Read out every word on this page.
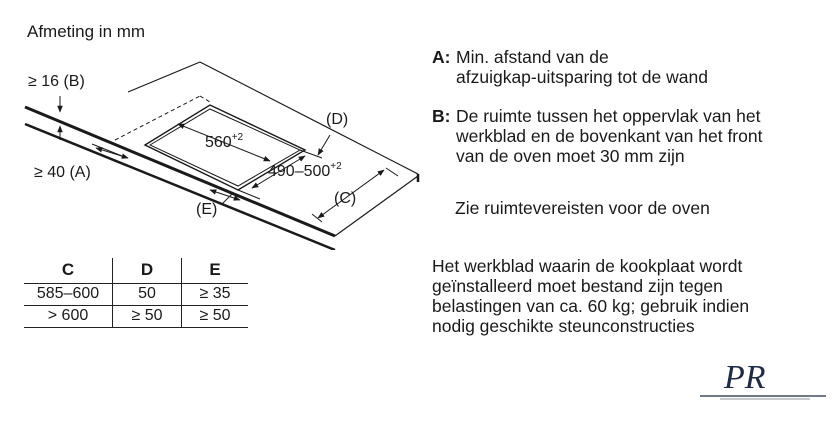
Afmeting in mm
≥ 16 (B)
≥ 40 (A)
$560^{+2}$
$490-500^{+2}$
(D)
(C)
(E)
C	D	E
585–600	50	≥ 35
> 600	≥ 50	≥ 50
A: Min. afstand van de
afzuigkap-uitsparing tot de wand
B: De ruimte tussen het oppervlak van het
werkblad en de bovenkant van het front
van de oven moet 30 mm zijn
Zie ruimtevereisten voor de oven
Het werkblad waarin de kookplaat wordt
geïnstalleerd moet bestand zijn tegen
belastingen van ca. 60 kg; gebruik indien
nodig geschikte steunconstructies
PR
